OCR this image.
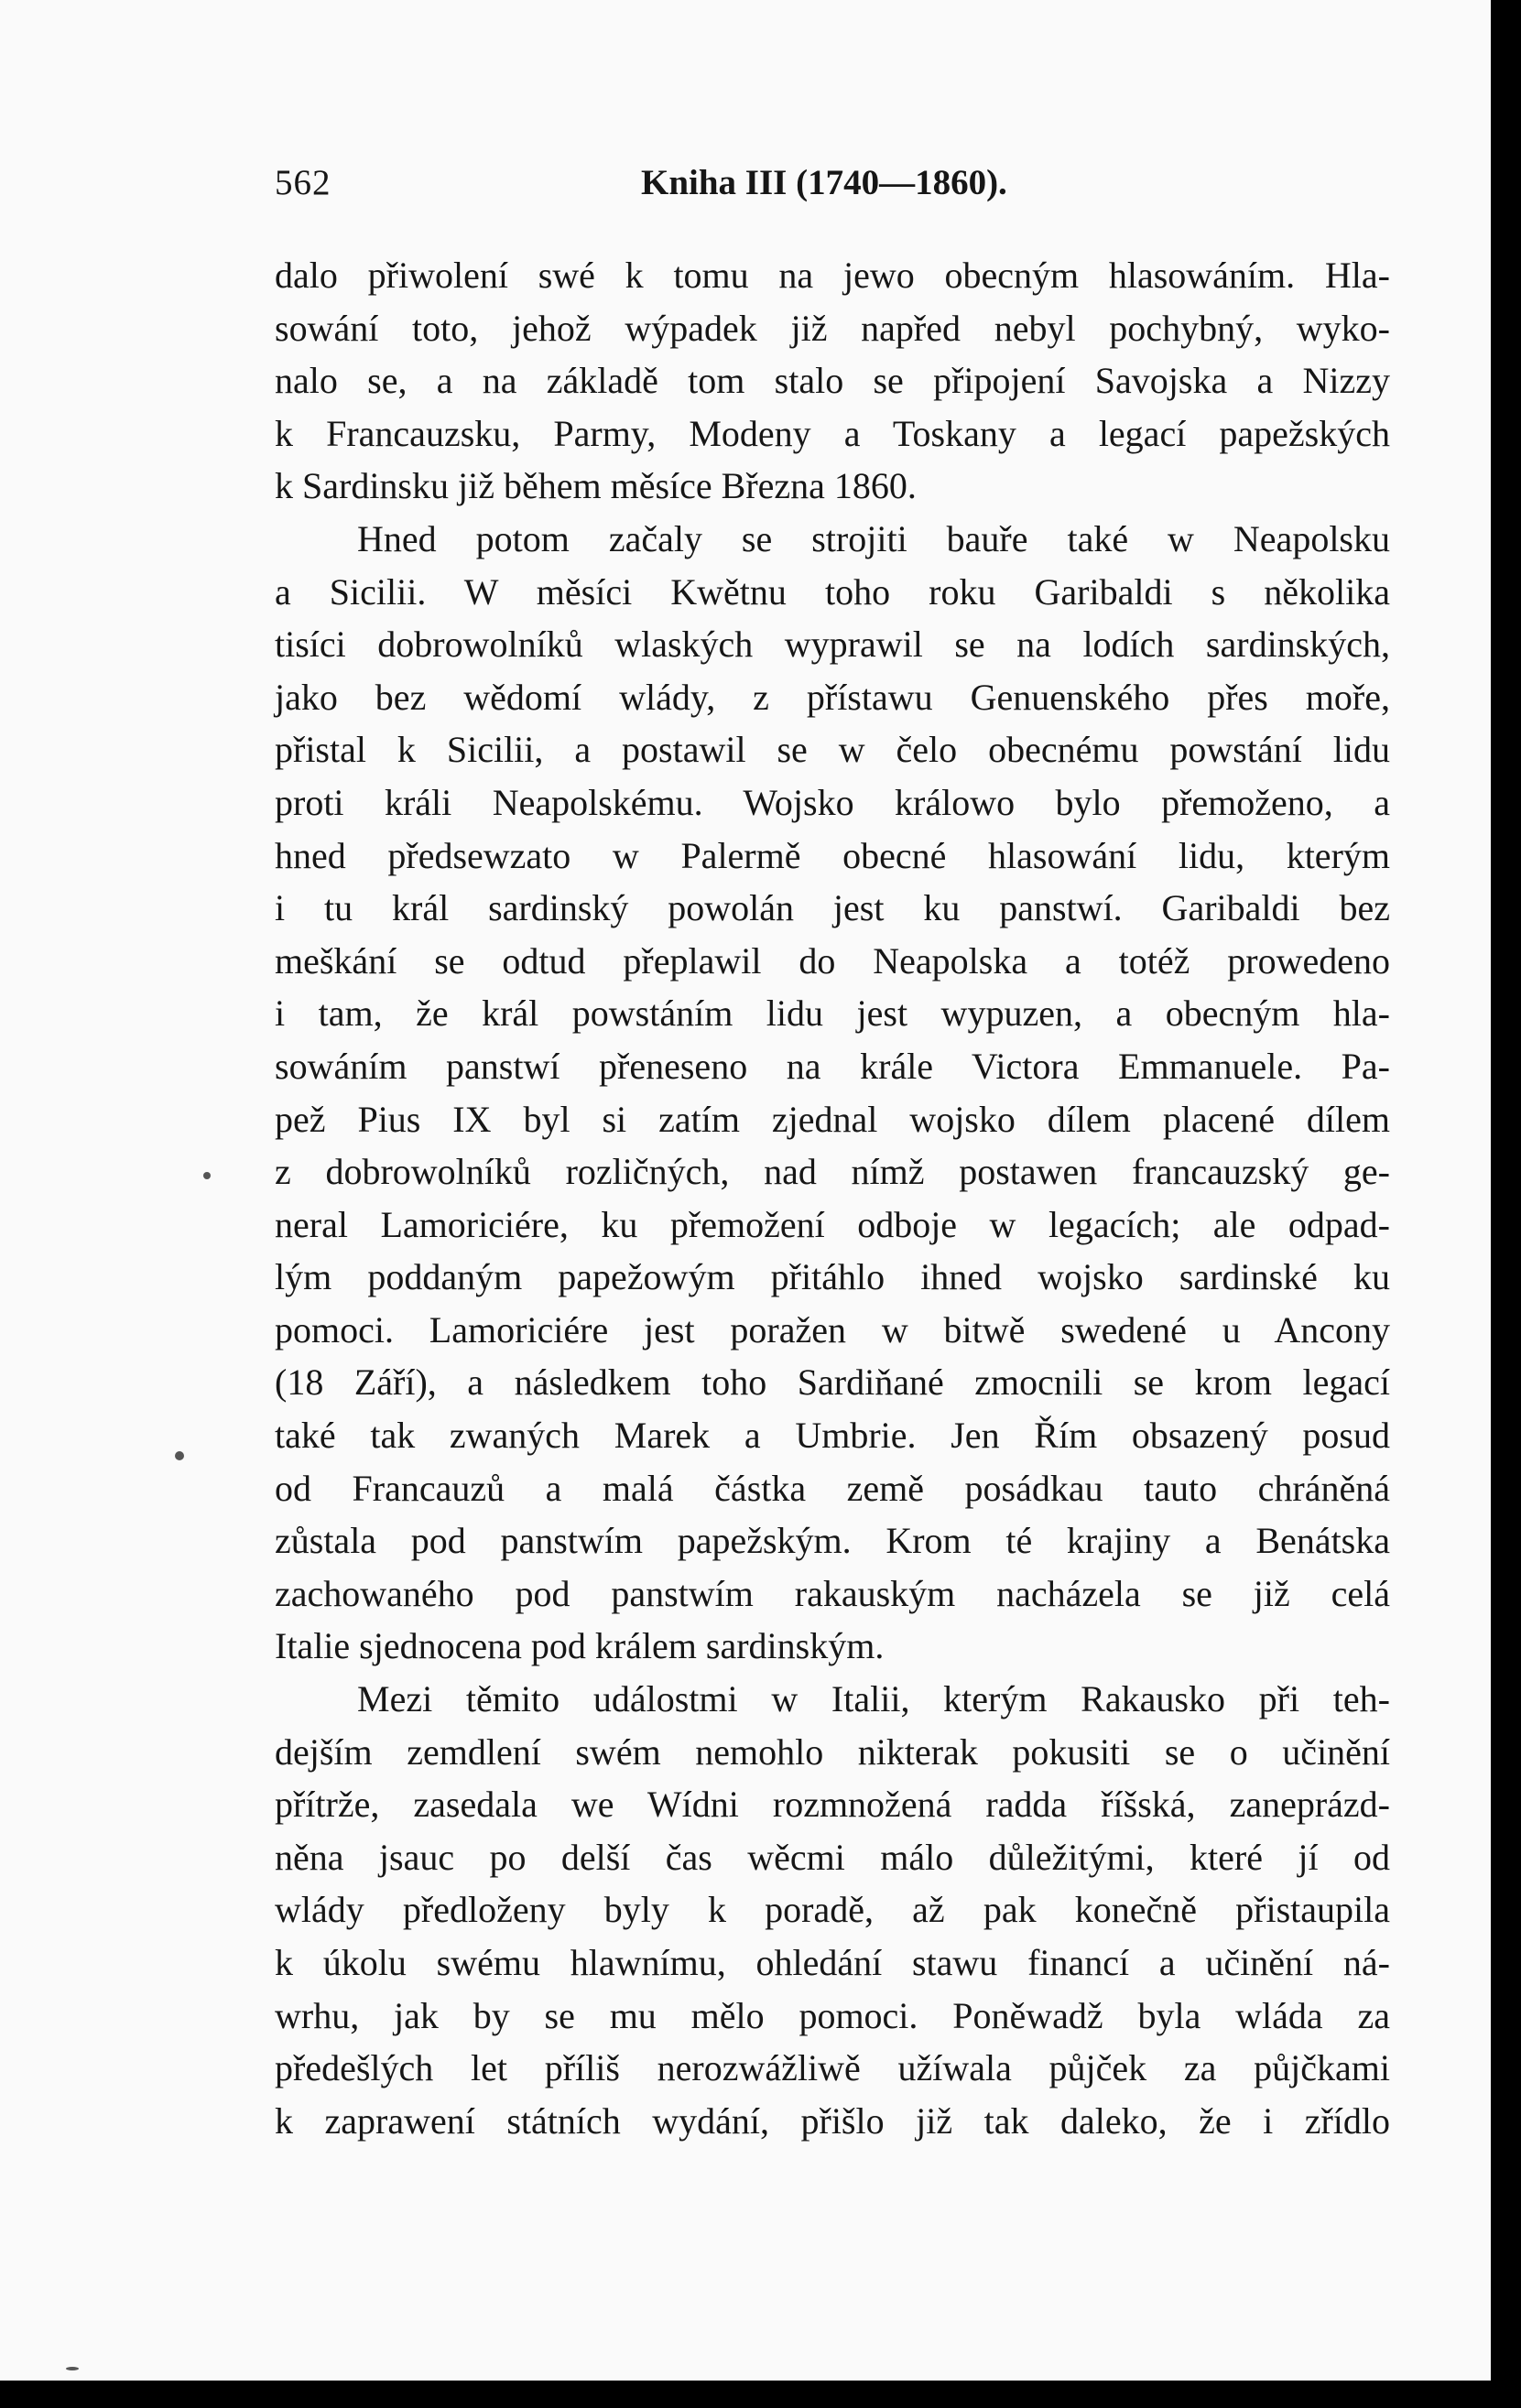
562	Kniha III (1740—1860).
dalo přiwolení swé k tomu na jewo obecným hlasowáním. Hla-
sowání toto, jehož wýpadek již napřed nebyl pochybný, wyko-
nalo se, a na základě tom stalo se připojení Savojska a Nizzy
k Francauzsku, Parmy, Modeny a Toskany a legací papežských
k Sardinsku již během měsíce Března 1860.
Hned potom začaly se strojiti bauře také w Neapolsku
a Sicilii. W měsíci Kwětnu toho roku Garibaldi s několika
tisíci dobrowolníků wlaských wyprawil se na lodích sardinských,
jako bez wědomí wlády, z přístawu Genuenského přes moře,
přistal k Sicilii, a postawil se w čelo obecnému powstání lidu
proti králi Neapolskému. Wojsko králowo bylo přemoženo, a
hned předsewzato w Palermě obecné hlasowání lidu, kterým
i tu král sardinský powolán jest ku panstwí. Garibaldi bez
meškání se odtud přeplawil do Neapolska a totéž prowedeno
i tam, že král powstáním lidu jest wypuzen, a obecným hla-
sowáním panstwí přeneseno na krále Victora Emmanuele. Pa-
pež Pius IX byl si zatím zjednal wojsko dílem placené dílem
z dobrowolníků rozličných, nad nímž postawen francauzský ge-
neral Lamoriciére, ku přemožení odboje w legacích; ale odpad-
lým poddaným papežowým přitáhlo ihned wojsko sardinské ku
pomoci. Lamoriciére jest poražen w bitwě swedené u Ancony
(18 Září), a následkem toho Sardiňané zmocnili se krom legací
také tak zwaných Marek a Umbrie. Jen Řím obsazený posud
od Francauzů a malá částka země posádkau tauto chráněná
zůstala pod panstwím papežským. Krom té krajiny a Benátska
zachowaného pod panstwím rakauským nacházela se již celá
Italie sjednocena pod králem sardinským.
Mezi těmito událostmi w Italii, kterým Rakausko při teh-
dejším zemdlení swém nemohlo nikterak pokusiti se o učinění
přítrže, zasedala we Wídni rozmnožená radda říšská, zaneprázd-
něna jsauc po delší čas wěcmi málo důležitými, které jí od
wlády předloženy byly k poradě, až pak konečně přistaupila
k úkolu swému hlawnímu, ohledání stawu financí a učinění ná-
wrhu, jak by se mu mělo pomoci. Poněwadž byla wláda za
předešlých let příliš nerozwážliwě užíwala půjček za půjčkami
k zaprawení státních wydání, přišlo již tak daleko, že i zřídlo
